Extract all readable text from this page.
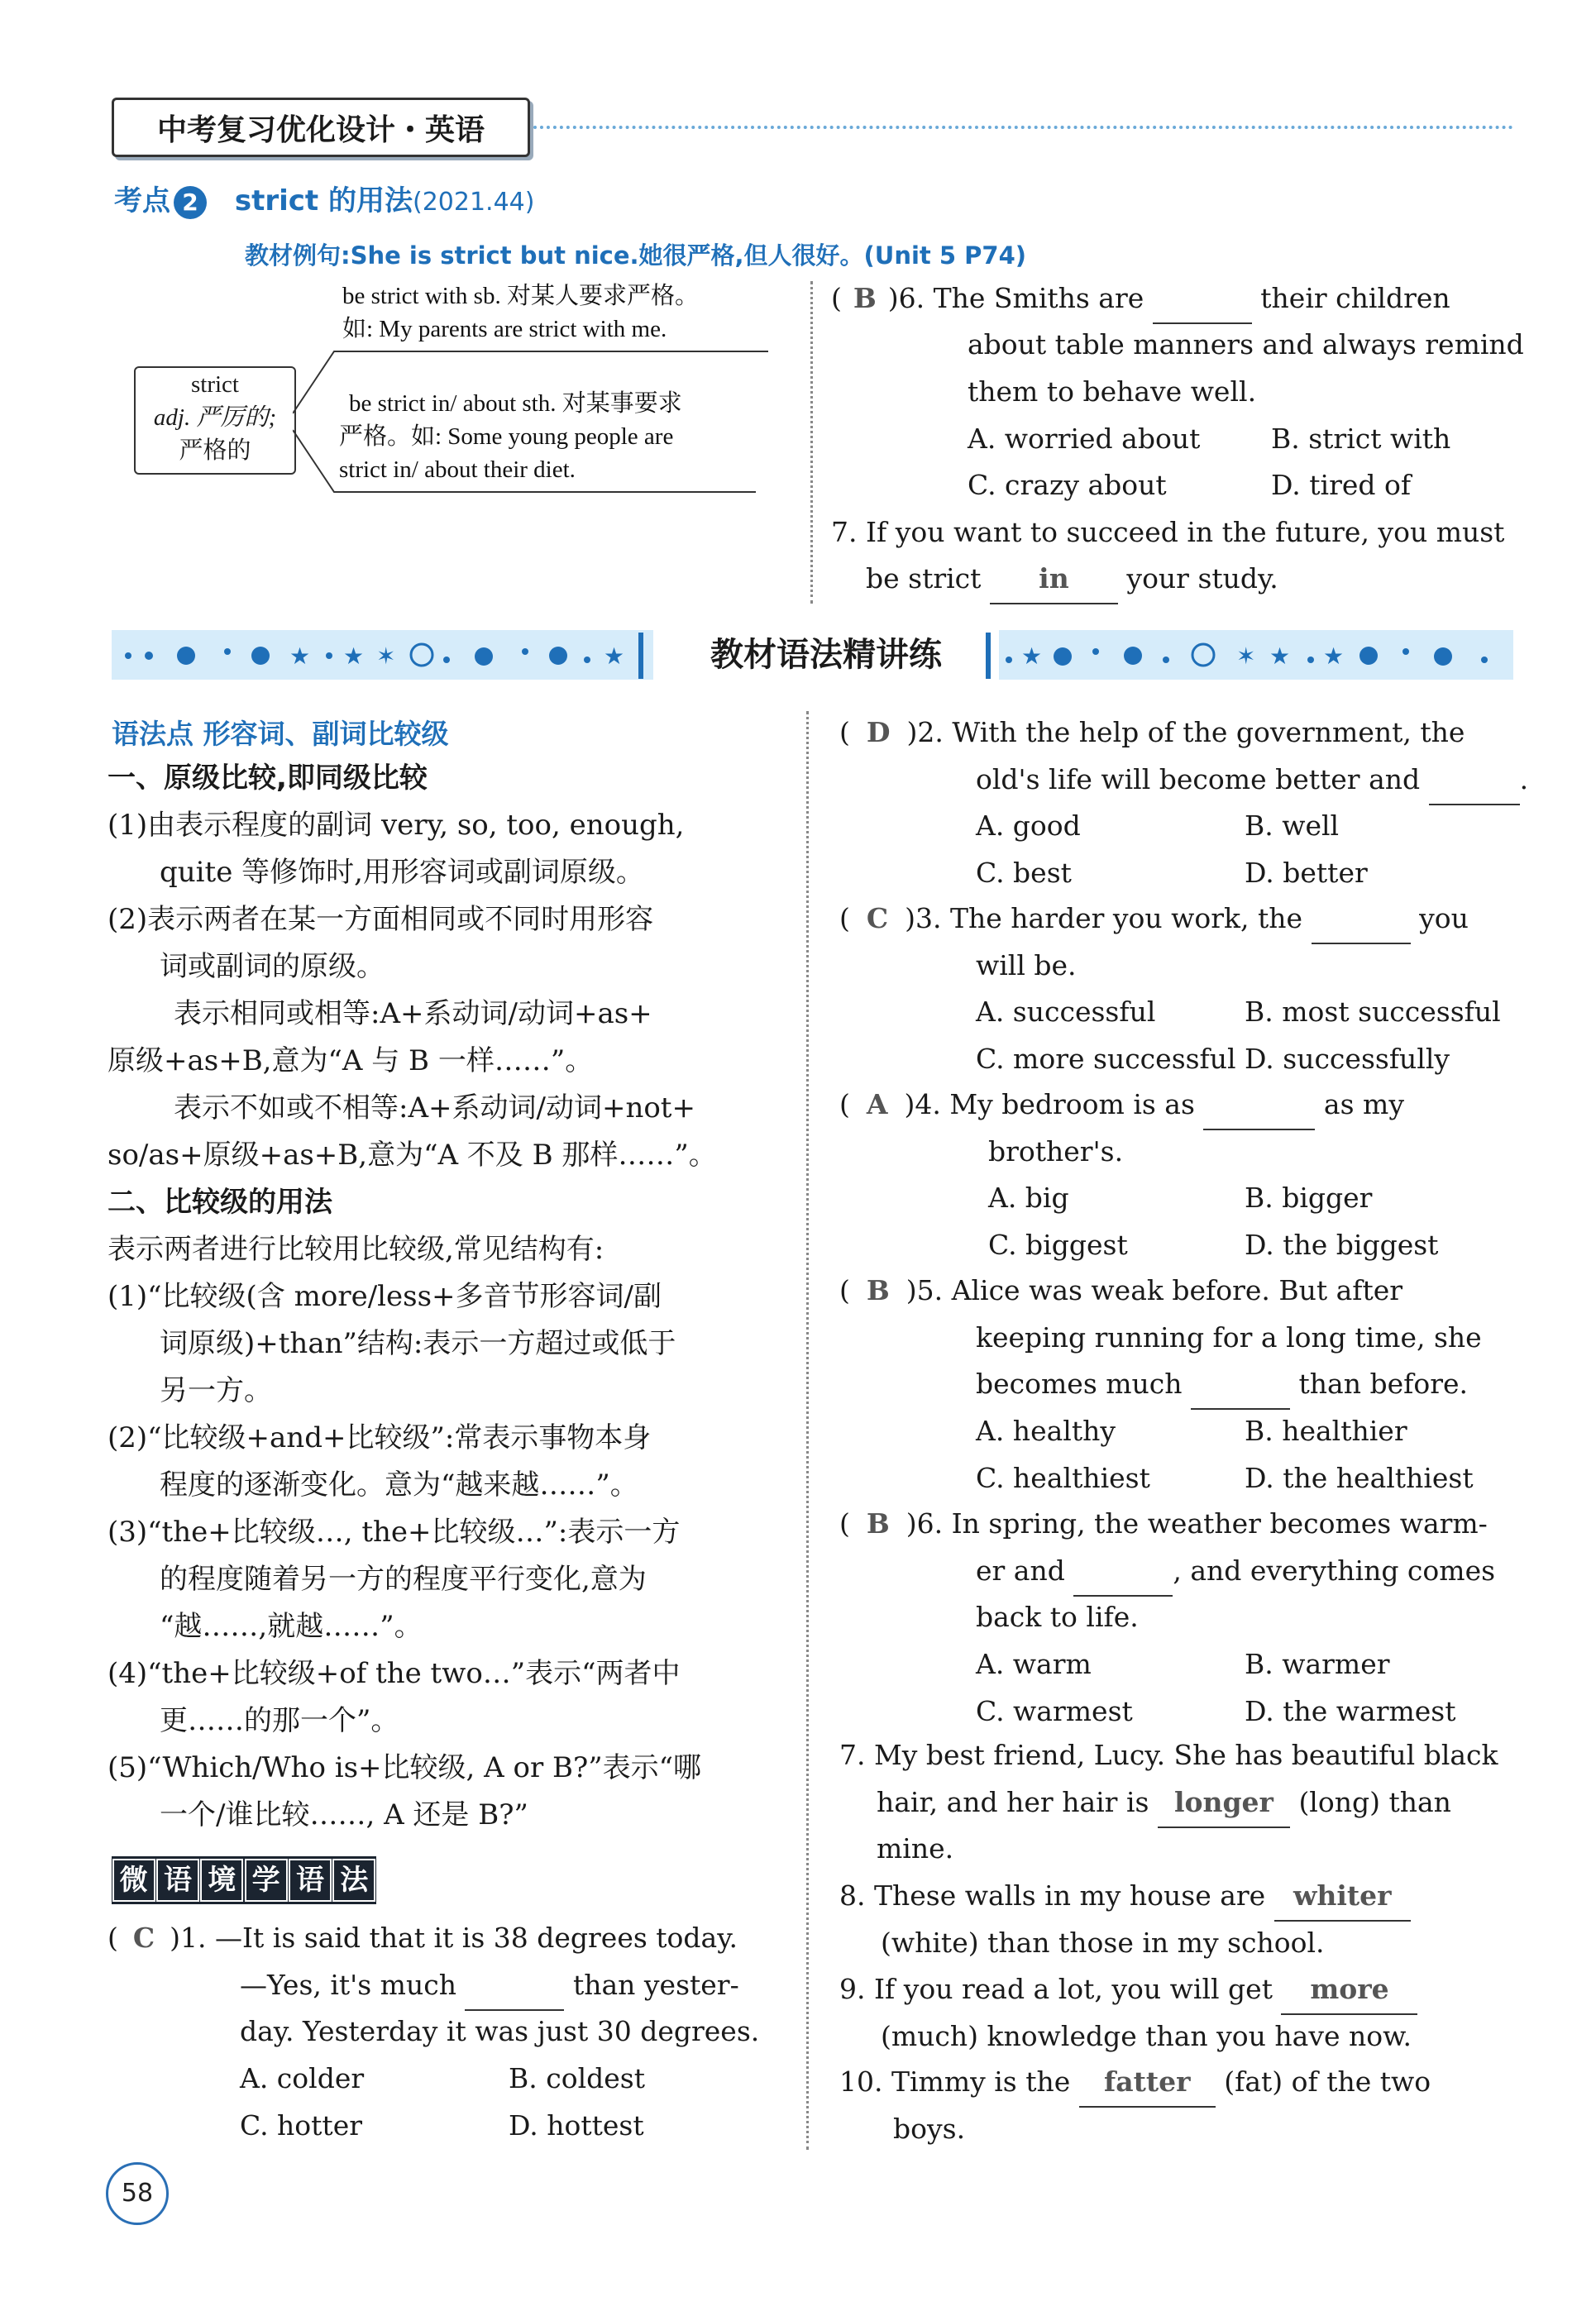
中考复习优化设计・英语
考点 2 strict 的用法(2021.44)
教材例句:She is strict but nice.她很严格,但人很好。(Unit 5 P74)
strict
adj. 严厉的;
严格的
be strict with sb. 对某人要求严格。
如: My parents are strict with me.
be strict in/ about sth. 对某事要求
严格。如: Some young people are
strict in/ about their diet.
( B )6. The Smiths are	their children
about table manners and always remind
them to behave well.
A. worried about	B. strict with
C. crazy about	D. tired of
7. If you want to succeed in the future, you must
be strict in your study.
★ ★ ✶	★	教材语法精讲练	★	✶ ★ ★
语法点 形容词、副词比较级
一、原级比较,即同级比较
(1)由表示程度的副词 very, so, too, enough,
quite 等修饰时,用形容词或副词原级。
(2)表示两者在某一方面相同或不同时用形容
词或副词的原级。
表示相同或相等:A+系动词/动词+as+
原级+as+B,意为“A 与 B 一样……”。
表示不如或不相等:A+系动词/动词+not+
so/as+原级+as+B,意为“A 不及 B 那样……”。
二、比较级的用法
表示两者进行比较用比较级,常见结构有:
(1)“比较级(含 more/less+多音节形容词/副
词原级)+than”结构:表示一方超过或低于
另一方。
(2)“比较级+and+比较级”:常表示事物本身
程度的逐渐变化。意为“越来越……”。
(3)“the+比较级…, the+比较级…”:表示一方
的程度随着另一方的程度平行变化,意为
“越……,就越……”。
(4)“the+比较级+of the two…”表示“两者中
更……的那一个”。
(5)“Which/Who is+比较级, A or B?”表示“哪
一个/谁比较……, A 还是 B?”
微 语 境 学 语 法
( C )1. —It is said that it is 38 degrees today.
—Yes, it's much	than yester-
day. Yesterday it was just 30 degrees.
A. colder	B. coldest
C. hotter	D. hottest
( D )2. With the help of the government, the
old's life will become better and	.
A. good	B. well
C. best	D. better
( C )3. The harder you work, the	you
will be.
A. successful	B. most successful
C. more successful D. successfully
( A )4. My bedroom is as	as my
brother's.
A. big	B. bigger
C. biggest	D. the biggest
( B )5. Alice was weak before. But after
keeping running for a long time, she
becomes much	than before.
A. healthy	B. healthier
C. healthiest	D. the healthiest
( B )6. In spring, the weather becomes warm-
er and	, and everything comes
back to life.
A. warm	B. warmer
C. warmest	D. the warmest
7. My best friend, Lucy. She has beautiful black
hair, and her hair is longer (long) than
mine.
8. These walls in my house are whiter
(white) than those in my school.
9. If you read a lot, you will get more
(much) knowledge than you have now.
10. Timmy is the fatter (fat) of the two
boys.
58
